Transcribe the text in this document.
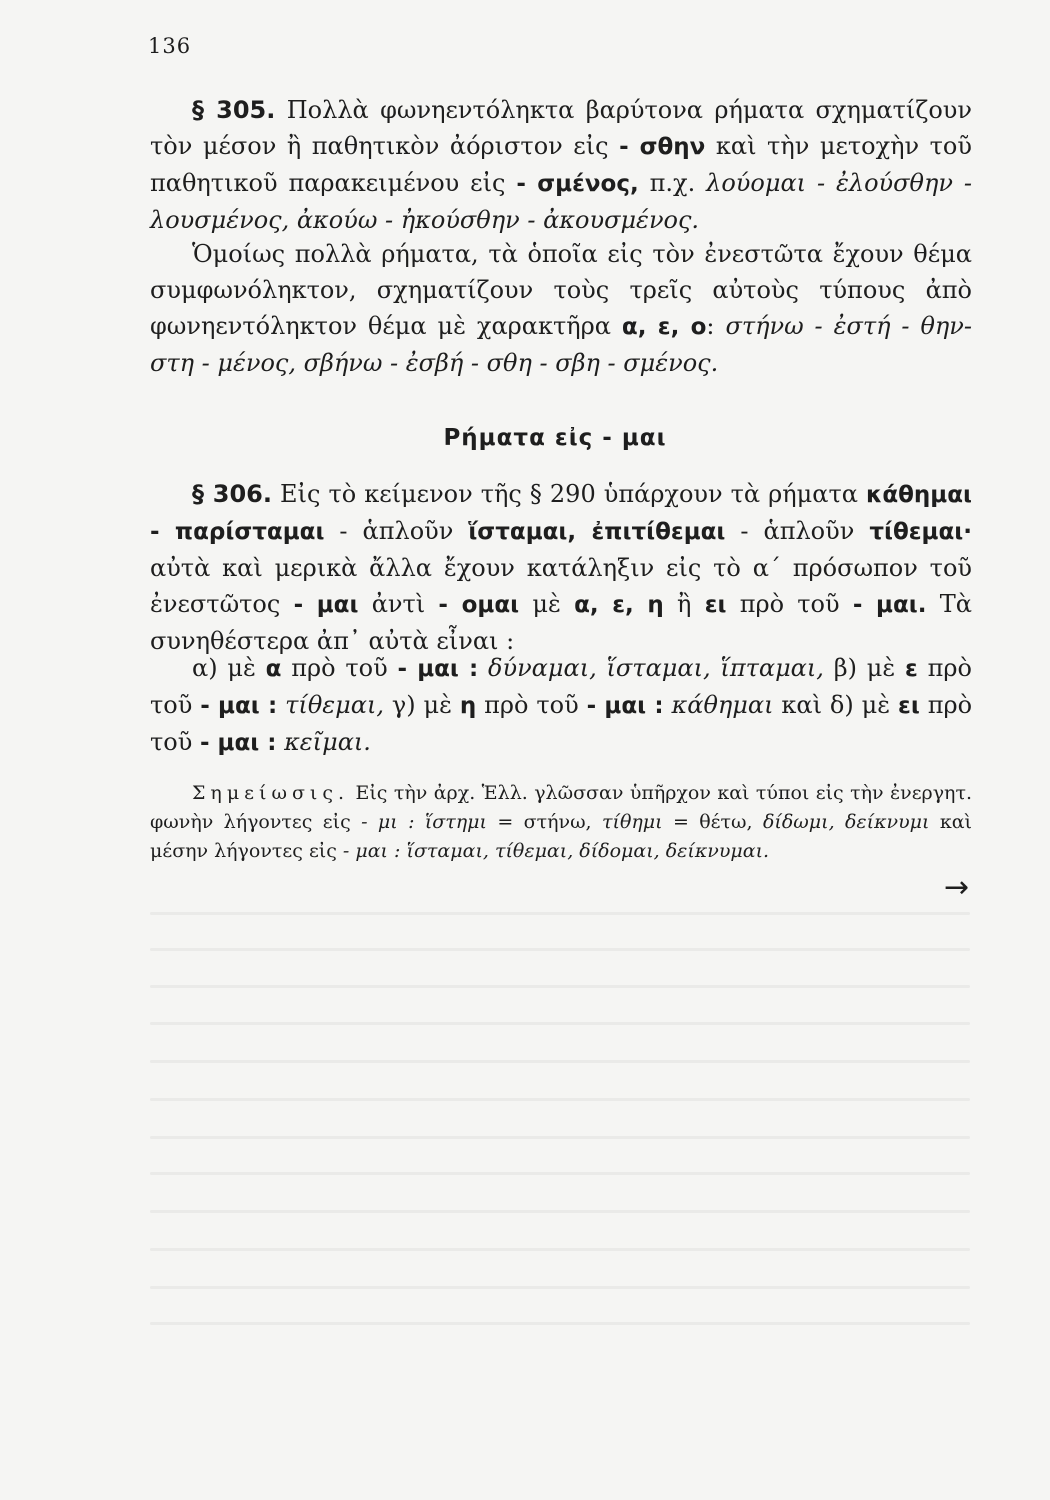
136
§ 305. Πολλὰ φωνηεντόληκτα βαρύτονα ρήματα σχηματίζουν τὸν μέσον ἢ παθητικὸν ἀόριστον εἰς - σθην καὶ τὴν μετοχὴν τοῦ παθητικοῦ παρακειμένου εἰς - σμένος, π.χ. λούομαι - ἐλούσθην - λουσμένος, ἀκούω - ἠκούσθην - ἀκουσμένος.
Ὁμοίως πολλὰ ρήματα, τὰ ὁποῖα εἰς τὸν ἐνεστῶτα ἔχουν θέμα συμφωνόληκτον, σχηματίζουν τοὺς τρεῖς αὐτοὺς τύπους ἀπὸ φωνηεντόληκτον θέμα μὲ χαρακτῆρα α, ε, ο: στήνω - ἐστή - θην- στη - μένος, σβήνω - ἐσβή - σθη - σβη - σμένος.
Ρήματα εἰς - μαι
§ 306. Εἰς τὸ κείμενον τῆς § 290 ὑπάρχουν τὰ ρήματα κάθημαι - παρίσταμαι - ἁπλοῦν ἵσταμαι, ἐπιτίθεμαι - ἁπλοῦν τίθεμαι· αὐτὰ καὶ μερικὰ ἄλλα ἔχουν κατάληξιν εἰς τὸ α΄ πρόσωπον τοῦ ἐνεστῶτος - μαι ἀντὶ - ομαι μὲ α, ε, η ἢ ει πρὸ τοῦ - μαι. Τὰ συνηθέστερα ἀπ᾽ αὐτὰ εἶναι :
α) μὲ α πρὸ τοῦ - μαι : δύναμαι, ἵσταμαι, ἵπταμαι, β) μὲ ε πρὸ τοῦ - μαι : τίθεμαι, γ) μὲ η πρὸ τοῦ - μαι : κάθημαι καὶ δ) μὲ ει πρὸ τοῦ - μαι : κεῖμαι.
Σημείωσις. Εἰς τὴν ἀρχ. Ἑλλ. γλῶσσαν ὑπῆρχον καὶ τύποι εἰς τὴν ἐνεργητ. φωνὴν λήγοντες εἰς - μι : ἵστημι = στήνω, τίθημι = θέτω, δίδωμι, δείκνυμι καὶ μέσην λήγοντες εἰς - μαι : ἵσταμαι, τίθεμαι, δίδομαι, δείκνυμαι.
→
